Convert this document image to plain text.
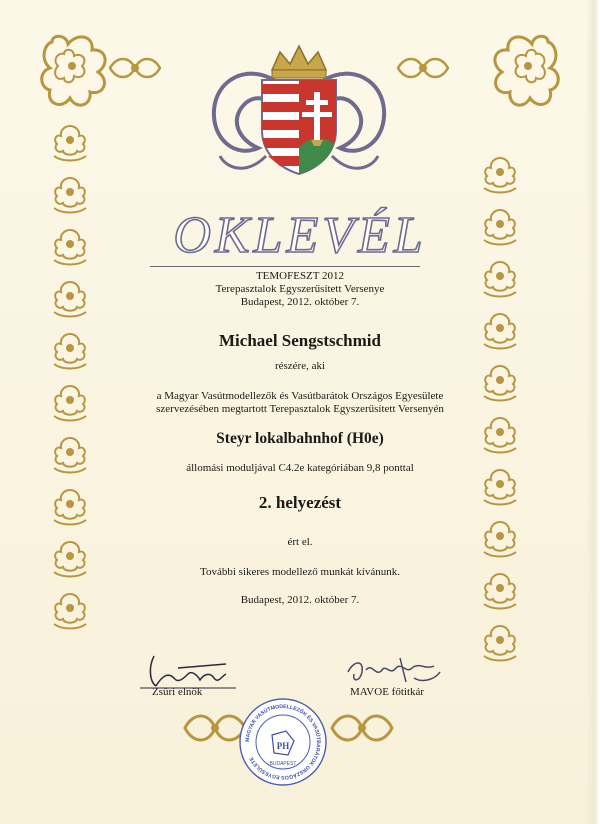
OKLEVÉL
TEMOFESZT 2012
Terepasztalok Egyszerűsített Versenye
Budapest, 2012. október 7.
Michael Sengstschmid
részére, aki
a Magyar Vasútmodellezők és Vasútbarátok Országos Egyesülete
szervezésében megtartott Terepasztalok Egyszerűsített Versenyén
Steyr lokalbahnhof (H0e)
állomási moduljával C4.2e kategóriában 9,8 ponttal
2. helyezést
ért el.
További sikeres modellező munkát kívánunk.
Budapest, 2012. október 7.
Zsűri elnök	MAVOE főtitkár
MAGYAR VASÚTMODELLEZŐK ÉS VASÚTBARÁTOK ORSZÁGOS EGYESÜLETE
PH
BUDAPEST
